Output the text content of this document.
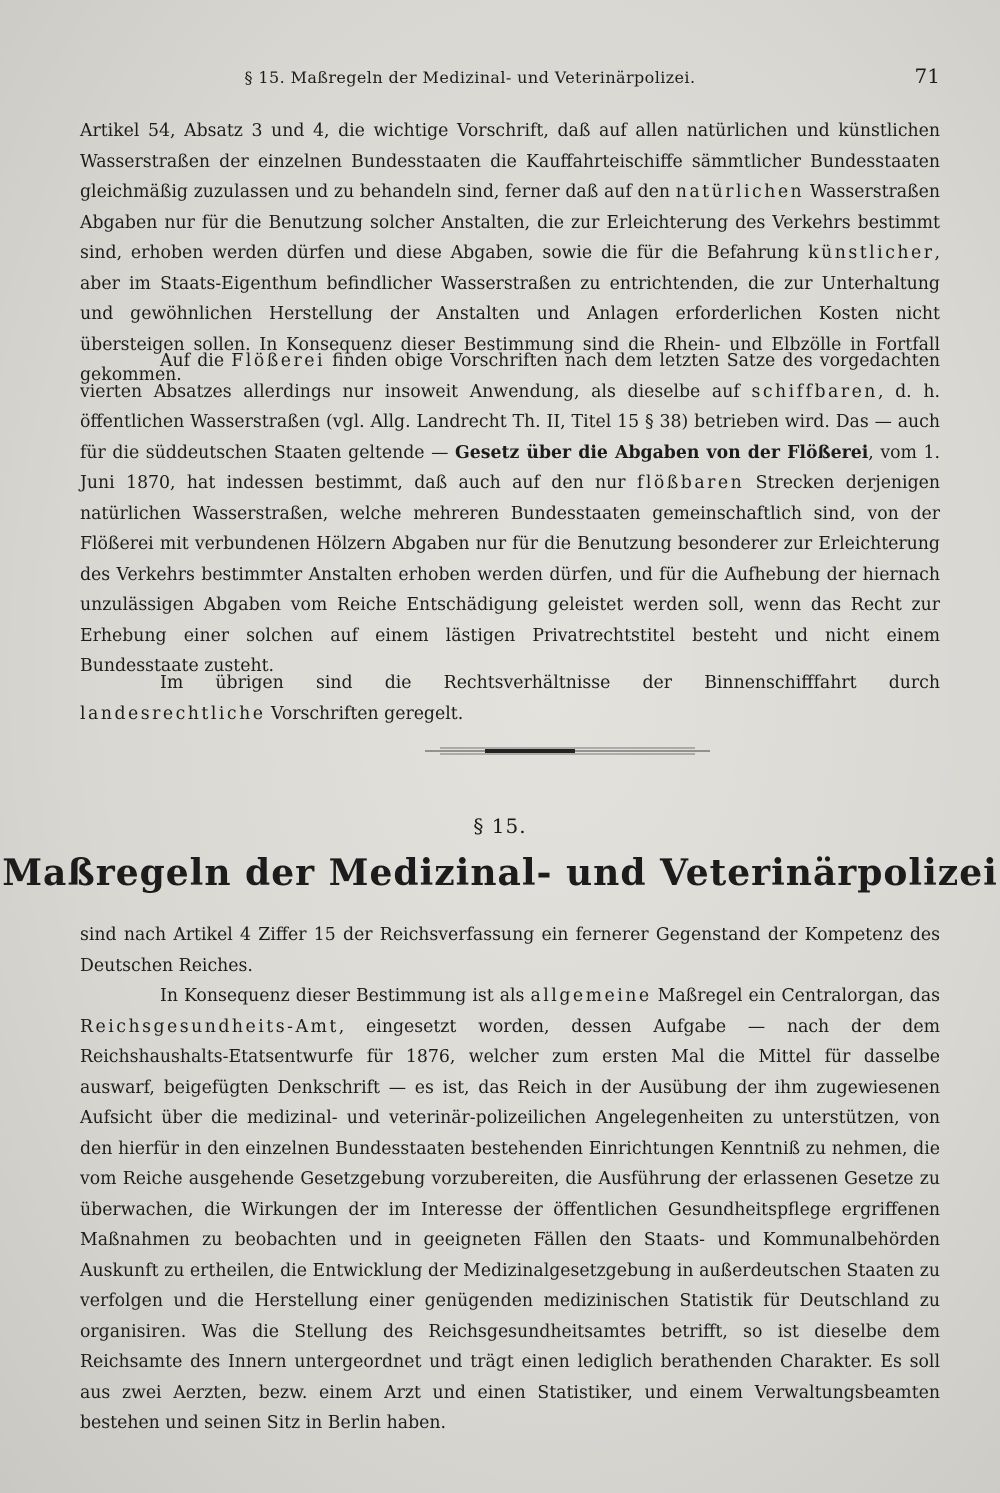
§ 15. Maßregeln der Medizinal- und Veterinärpolizei.	71

Artikel 54, Absatz 3 und 4, die wichtige Vorschrift, daß auf allen natürlichen und künstlichen Wasserstraßen der einzelnen Bundesstaaten die Kauffahrteischiffe sämmtlicher Bundesstaaten gleichmäßig zuzulassen und zu behandeln sind, ferner daß auf den natürlichen Wasserstraßen Abgaben nur für die Benutzung solcher Anstalten, die zur Erleichterung des Verkehrs bestimmt sind, erhoben werden dürfen und diese Abgaben, sowie die für die Befahrung künstlicher, aber im Staats-Eigenthum befindlicher Wasserstraßen zu entrichtenden, die zur Unterhaltung und gewöhnlichen Herstellung der Anstalten und Anlagen erforderlichen Kosten nicht übersteigen sollen. In Konsequenz dieser Bestimmung sind die Rhein- und Elbzölle in Fortfall gekommen.

Auf die Flößerei finden obige Vorschriften nach dem letzten Satze des vorgedachten vierten Absatzes allerdings nur insoweit Anwendung, als dieselbe auf schiffbaren, d. h. öffentlichen Wasserstraßen (vgl. Allg. Landrecht Th. II, Titel 15 § 38) betrieben wird. Das — auch für die süddeutschen Staaten geltende — Gesetz über die Abgaben von der Flößerei, vom 1. Juni 1870, hat indessen bestimmt, daß auch auf den nur flößbaren Strecken derjenigen natürlichen Wasserstraßen, welche mehreren Bundesstaaten gemeinschaftlich sind, von der Flößerei mit verbundenen Hölzern Abgaben nur für die Benutzung besonderer zur Erleichterung des Verkehrs bestimmter Anstalten erhoben werden dürfen, und für die Aufhebung der hiernach unzulässigen Abgaben vom Reiche Entschädigung geleistet werden soll, wenn das Recht zur Erhebung einer solchen auf einem lästigen Privatrechtstitel besteht und nicht einem Bundesstaate zusteht.

Im übrigen sind die Rechtsverhältnisse der Binnenschifffahrt durch landesrechtliche Vorschriften geregelt.

§ 15.
Maßregeln der Medizinal- und Veterinärpolizei

sind nach Artikel 4 Ziffer 15 der Reichsverfassung ein fernerer Gegenstand der Kompetenz des Deutschen Reiches.

In Konsequenz dieser Bestimmung ist als allgemeine Maßregel ein Centralorgan, das Reichsgesundheits-Amt, eingesetzt worden, dessen Aufgabe — nach der dem Reichshaushalts-Etatsentwurfe für 1876, welcher zum ersten Mal die Mittel für dasselbe auswarf, beigefügten Denkschrift — es ist, das Reich in der Ausübung der ihm zugewiesenen Aufsicht über die medizinal- und veterinär-polizeilichen Angelegenheiten zu unterstützen, von den hierfür in den einzelnen Bundesstaaten bestehenden Einrichtungen Kenntniß zu nehmen, die vom Reiche ausgehende Gesetzgebung vorzubereiten, die Ausführung der erlassenen Gesetze zu überwachen, die Wirkungen der im Interesse der öffentlichen Gesundheitspflege ergriffenen Maßnahmen zu beobachten und in geeigneten Fällen den Staats- und Kommunalbehörden Auskunft zu ertheilen, die Entwicklung der Medizinalgesetzgebung in außerdeutschen Staaten zu verfolgen und die Herstellung einer genügenden medizinischen Statistik für Deutschland zu organisiren. Was die Stellung des Reichsgesundheitsamtes betrifft, so ist dieselbe dem Reichsamte des Innern untergeordnet und trägt einen lediglich berathenden Charakter. Es soll aus zwei Aerzten, bezw. einem Arzt und einen Statistiker, und einem Verwaltungsbeamten bestehen und seinen Sitz in Berlin haben.
